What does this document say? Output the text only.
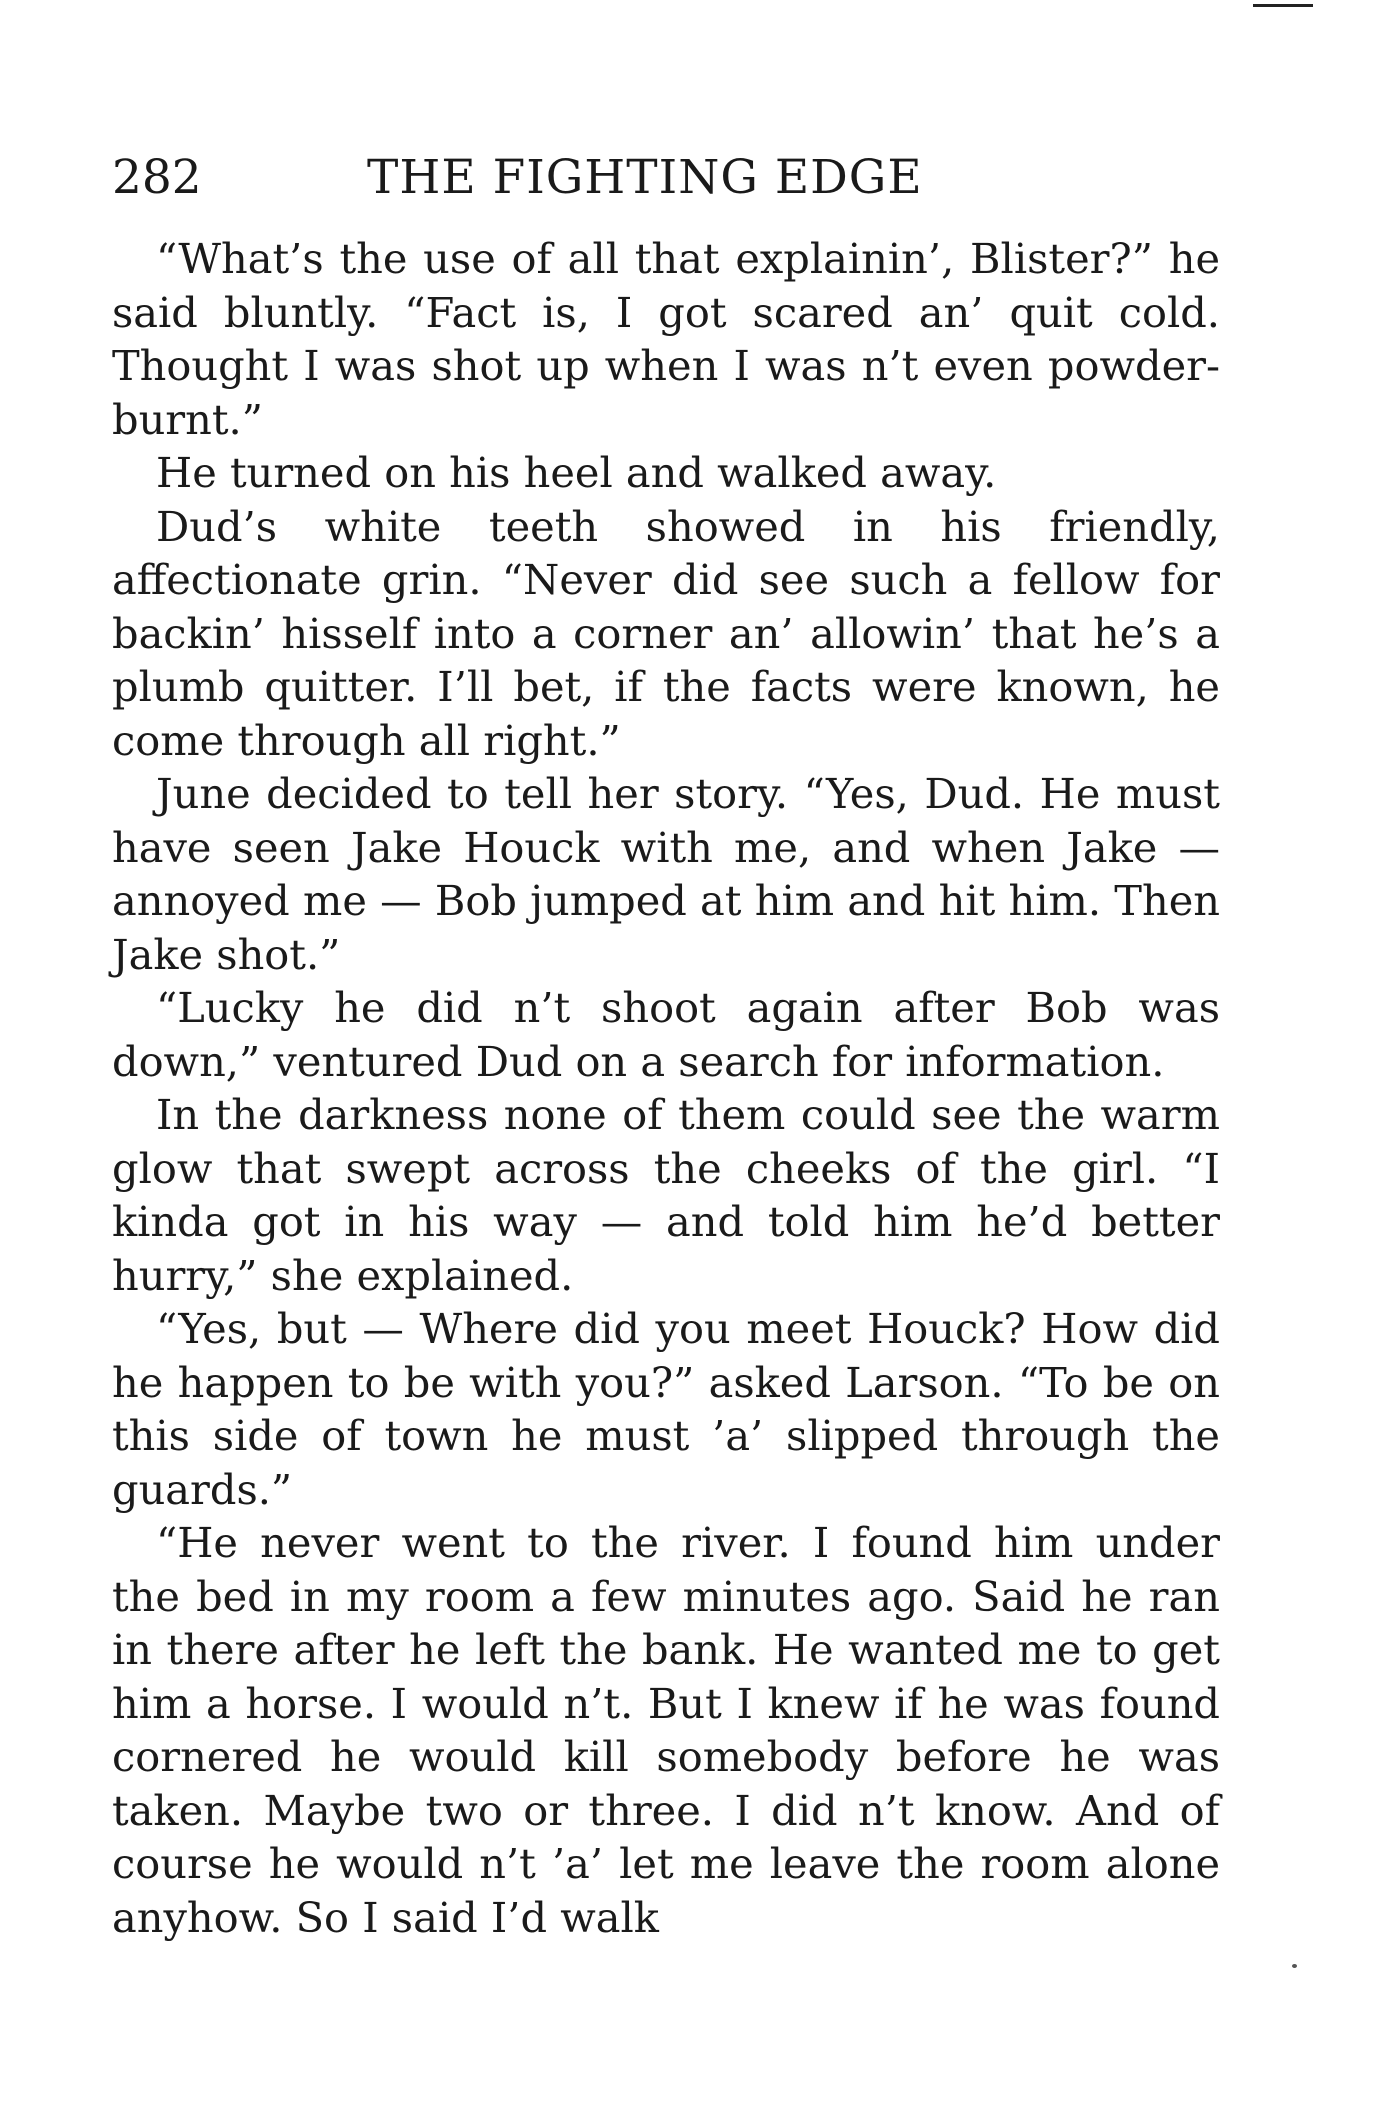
282	THE FIGHTING EDGE

“What’s the use of all that explainin’, Blister?” he said bluntly. “Fact is, I got scared an’ quit cold. Thought I was shot up when I was n’t even powder-burnt.”

He turned on his heel and walked away.

Dud’s white teeth showed in his friendly, affectionate grin. “Never did see such a fellow for backin’ hisself into a corner an’ allowin’ that he’s a plumb quitter. I’ll bet, if the facts were known, he come through all right.”

June decided to tell her story. “Yes, Dud. He must have seen Jake Houck with me, and when Jake — annoyed me — Bob jumped at him and hit him. Then Jake shot.”

“Lucky he did n’t shoot again after Bob was down,” ventured Dud on a search for information.

In the darkness none of them could see the warm glow that swept across the cheeks of the girl. “I kinda got in his way — and told him he’d better hurry,” she explained.

“Yes, but — Where did you meet Houck? How did he happen to be with you?” asked Larson. “To be on this side of town he must ’a’ slipped through the guards.”

“He never went to the river. I found him under the bed in my room a few minutes ago. Said he ran in there after he left the bank. He wanted me to get him a horse. I would n’t. But I knew if he was found cornered he would kill somebody before he was taken. Maybe two or three. I did n’t know. And of course he would n’t ’a’ let me leave the room alone anyhow. So I said I’d walk
